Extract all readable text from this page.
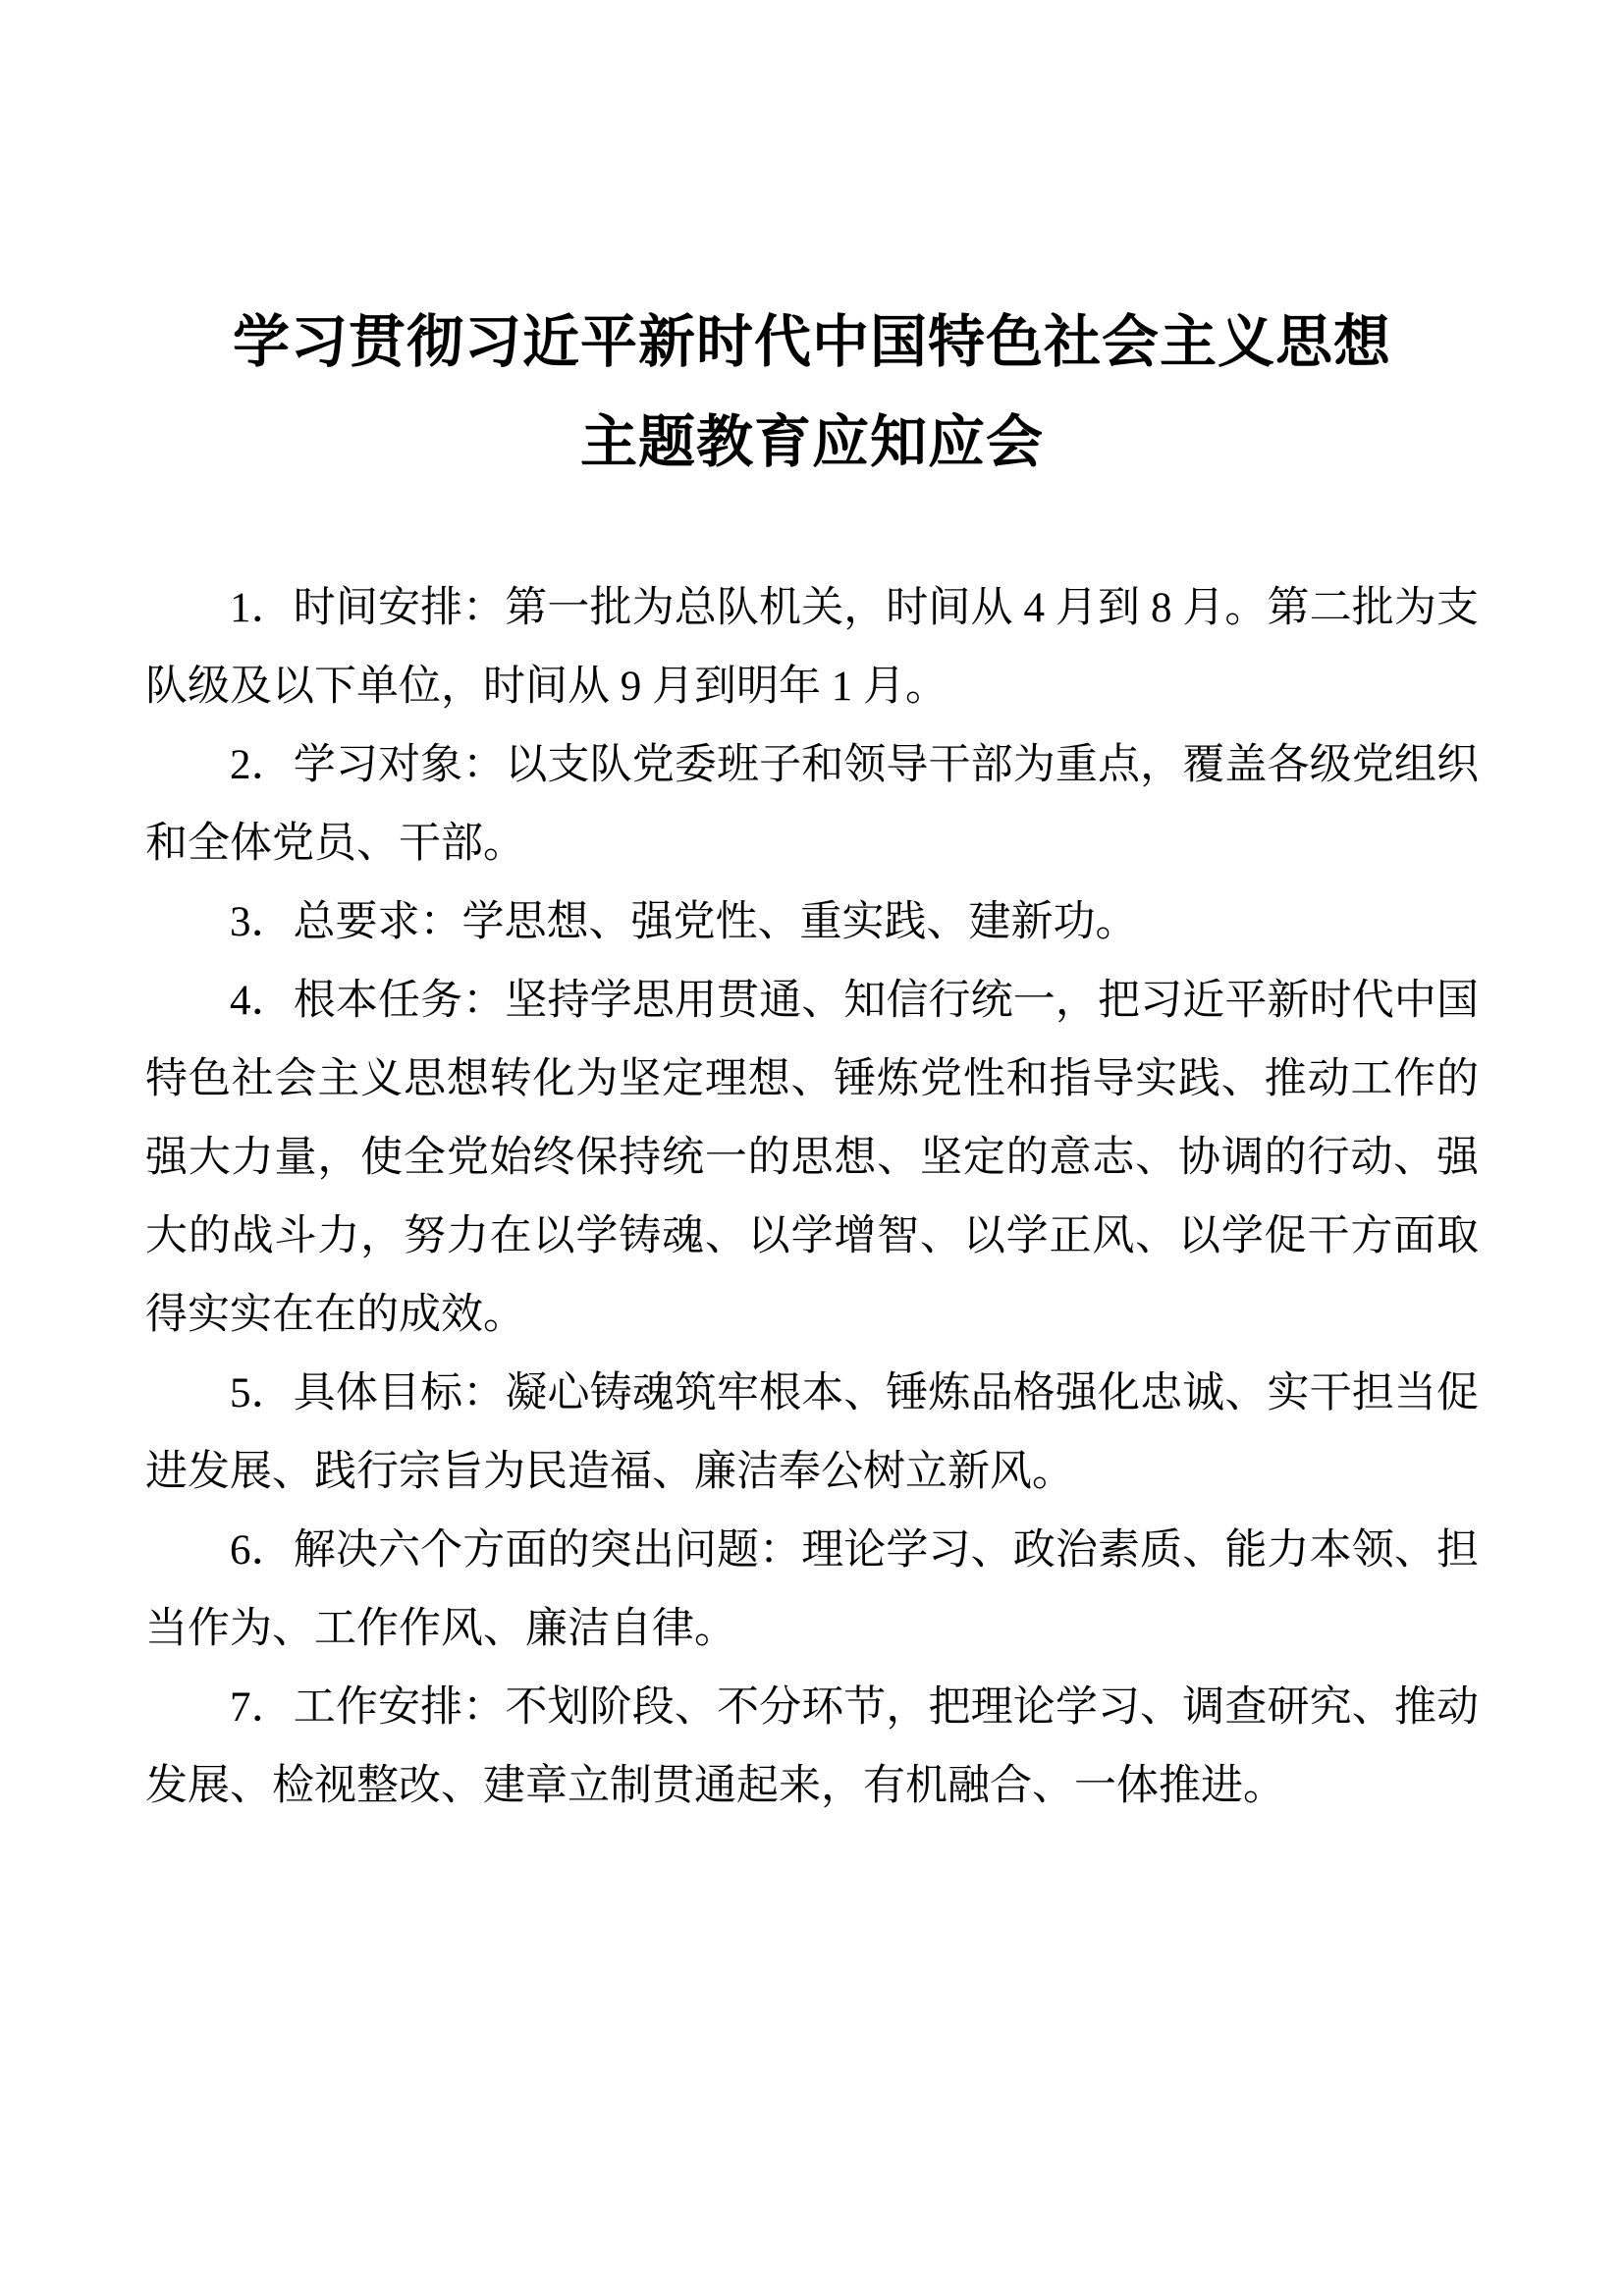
学习贯彻习近平新时代中国特色社会主义思想
主题教育应知应会

1．时间安排：第一批为总队机关，时间从 4 月到 8 月。第二批为支队级及以下单位，时间从 9 月到明年 1 月。

2．学习对象：以支队党委班子和领导干部为重点，覆盖各级党组织和全体党员、干部。

3．总要求：学思想、强党性、重实践、建新功。

4．根本任务：坚持学思用贯通、知信行统一，把习近平新时代中国特色社会主义思想转化为坚定理想、锤炼党性和指导实践、推动工作的强大力量，使全党始终保持统一的思想、坚定的意志、协调的行动、强大的战斗力，努力在以学铸魂、以学增智、以学正风、以学促干方面取得实实在在的成效。

5．具体目标：凝心铸魂筑牢根本、锤炼品格强化忠诚、实干担当促进发展、践行宗旨为民造福、廉洁奉公树立新风。

6．解决六个方面的突出问题：理论学习、政治素质、能力本领、担当作为、工作作风、廉洁自律。

7．工作安排：不划阶段、不分环节，把理论学习、调查研究、推动发展、检视整改、建章立制贯通起来，有机融合、一体推进。
